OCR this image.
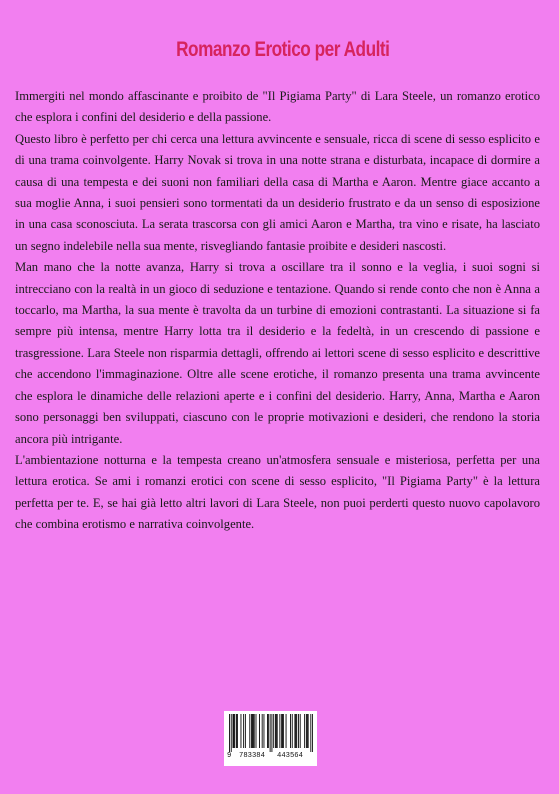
Romanzo Erotico per Adulti

Immergiti nel mondo affascinante e proibito de "Il Pigiama Party" di Lara Steele, un romanzo erotico che esplora i confini del desiderio e della passione.

Questo libro è perfetto per chi cerca una lettura avvincente e sensuale, ricca di scene di sesso esplicito e di una trama coinvolgente. Harry Novak si trova in una notte strana e disturbata, incapace di dormire a causa di una tempesta e dei suoni non familiari della casa di Martha e Aaron. Mentre giace accanto a sua moglie Anna, i suoi pensieri sono tormentati da un desiderio frustrato e da un senso di esposizione in una casa sconosciuta. La serata trascorsa con gli amici Aaron e Martha, tra vino e risate, ha lasciato un segno indelebile nella sua mente, risvegliando fantasie proibite e desideri nascosti.

Man mano che la notte avanza, Harry si trova a oscillare tra il sonno e la veglia, i suoi sogni si intrecciano con la realtà in un gioco di seduzione e tentazione. Quando si rende conto che non è Anna a toccarlo, ma Martha, la sua mente è travolta da un turbine di emozioni contrastanti. La situazione si fa sempre più intensa, mentre Harry lotta tra il desiderio e la fedeltà, in un crescendo di passione e trasgressione. Lara Steele non risparmia dettagli, offrendo ai lettori scene di sesso esplicito e descrittive che accendono l'immaginazione. Oltre alle scene erotiche, il romanzo presenta una trama avvincente che esplora le dinamiche delle relazioni aperte e i confini del desiderio. Harry, Anna, Martha e Aaron sono personaggi ben sviluppati, ciascuno con le proprie motivazioni e desideri, che rendono la storia ancora più intrigante.

L'ambientazione notturna e la tempesta creano un'atmosfera sensuale e misteriosa, perfetta per una lettura erotica. Se ami i romanzi erotici con scene di sesso esplicito, "Il Pigiama Party" è la lettura perfetta per te. E, se hai già letto altri lavori di Lara Steele, non puoi perderti questo nuovo capolavoro che combina erotismo e narrativa coinvolgente.

9 783384 443564
